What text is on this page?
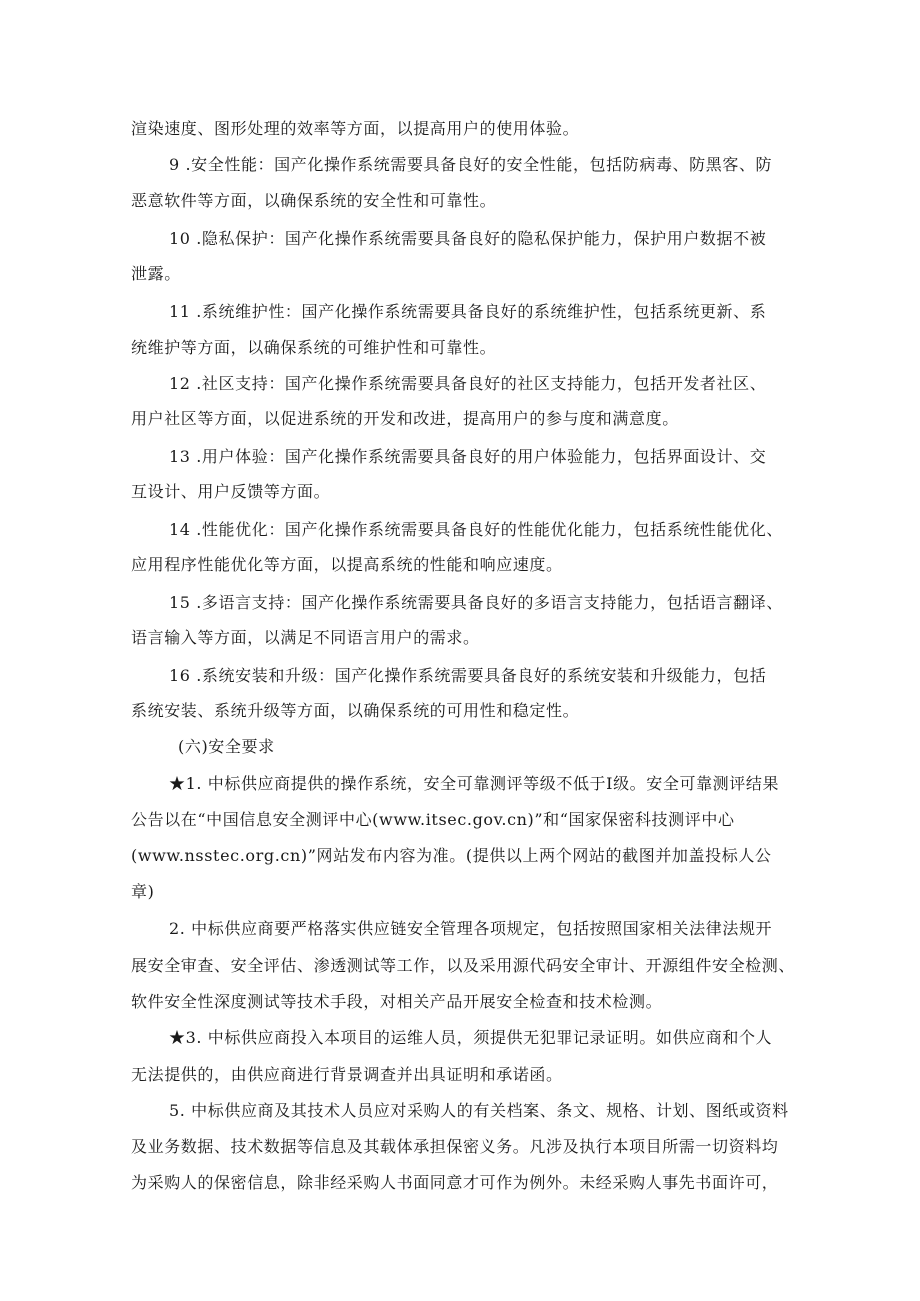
渲染速度、图形处理的效率等方面，以提高用户的使用体验。
9 .安全性能：国产化操作系统需要具备良好的安全性能，包括防病毒、防黑客、防
恶意软件等方面，以确保系统的安全性和可靠性。
10 .隐私保护：国产化操作系统需要具备良好的隐私保护能力，保护用户数据不被
泄露。
11 .系统维护性：国产化操作系统需要具备良好的系统维护性，包括系统更新、系
统维护等方面，以确保系统的可维护性和可靠性。
12 .社区支持：国产化操作系统需要具备良好的社区支持能力，包括开发者社区、
用户社区等方面，以促进系统的开发和改进，提高用户的参与度和满意度。
13 .用户体验：国产化操作系统需要具备良好的用户体验能力，包括界面设计、交
互设计、用户反馈等方面。
14 .性能优化：国产化操作系统需要具备良好的性能优化能力，包括系统性能优化、
应用程序性能优化等方面，以提高系统的性能和响应速度。
15 .多语言支持：国产化操作系统需要具备良好的多语言支持能力，包括语言翻译、
语言输入等方面，以满足不同语言用户的需求。
16 .系统安装和升级：国产化操作系统需要具备良好的系统安装和升级能力，包括
系统安装、系统升级等方面，以确保系统的可用性和稳定性。
(六)安全要求
★1. 中标供应商提供的操作系统，安全可靠测评等级不低于I级。安全可靠测评结果
公告以在“中国信息安全测评中心(www.itsec.gov.cn)”和“国家保密科技测评中心
(www.nsstec.org.cn)”网站发布内容为准。(提供以上两个网站的截图并加盖投标人公
章)
2. 中标供应商要严格落实供应链安全管理各项规定，包括按照国家相关法律法规开
展安全审查、安全评估、渗透测试等工作，以及采用源代码安全审计、开源组件安全检测、
软件安全性深度测试等技术手段，对相关产品开展安全检查和技术检测。
★3. 中标供应商投入本项目的运维人员，须提供无犯罪记录证明。如供应商和个人
无法提供的，由供应商进行背景调查并出具证明和承诺函。
5. 中标供应商及其技术人员应对采购人的有关档案、条文、规格、计划、图纸或资料
及业务数据、技术数据等信息及其载体承担保密义务。凡涉及执行本项目所需一切资料均
为采购人的保密信息，除非经采购人书面同意才可作为例外。未经采购人事先书面许可，
